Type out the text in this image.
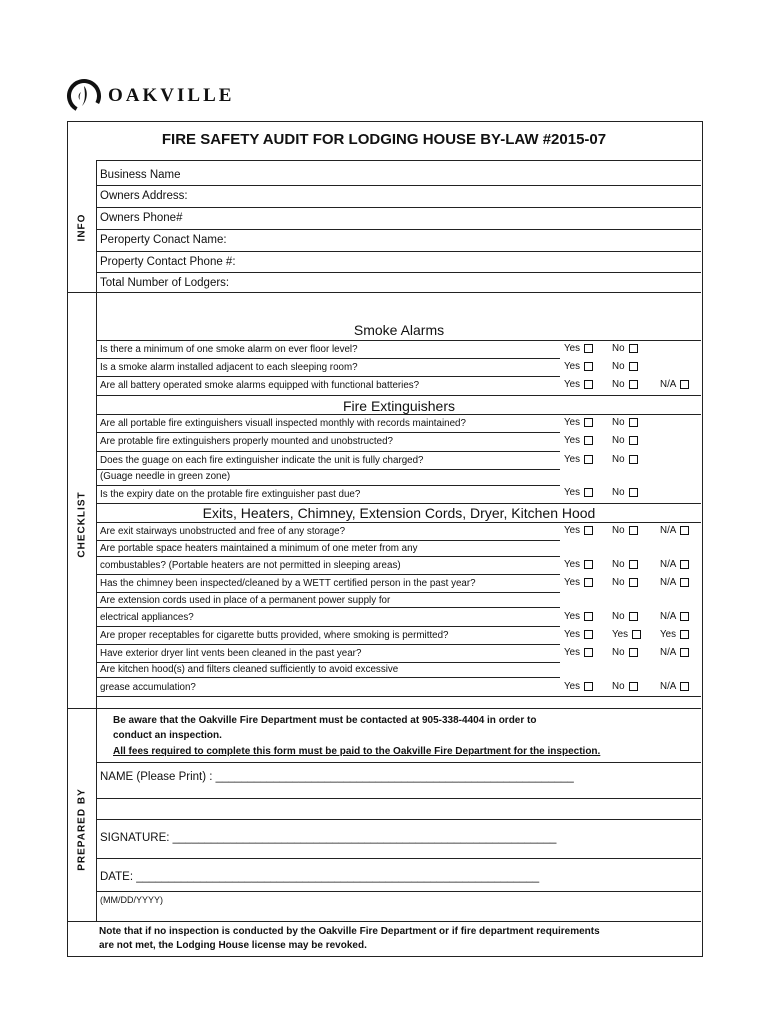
OAKVILLE
FIRE SAFETY AUDIT FOR LODGING HOUSE BY-LAW #2015-07
INFO
CHECKLIST
PREPARED BY
Business Name
Owners Address:
Owners Phone#
Peroperty Conact Name:
Property Contact Phone #:
Total Number of Lodgers:
Smoke Alarms
Is there a minimum of one smoke alarm on ever floor level?	Yes	No
Is a smoke alarm installed adjacent to each sleeping room?	Yes	No
Are all battery operated smoke alarms equipped with functional batteries?	Yes	No	N/A
Fire Extinguishers
Are all portable fire extinguishers visuall inspected monthly with records maintained?	Yes	No
Are protable fire extinguishers properly mounted and unobstructed?	Yes	No
Does the guage on each fire extinguisher indicate the unit is fully charged?	Yes	No
(Guage needle in green zone)
Is the expiry date on the protable fire extinguisher past due?	Yes	No
Exits, Heaters, Chimney, Extension Cords, Dryer, Kitchen Hood
Are exit stairways unobstructed and free of any storage?	Yes	No	N/A
Are portable space heaters maintained a minimum of one meter from any
combustables? (Portable heaters are not permitted in sleeping areas)	Yes	No	N/A
Has the chimney been inspected/cleaned by a WETT certified person in the past year?	Yes	No	N/A
Are extension cords used in place of a permanent power supply for
electrical appliances?	Yes	No	N/A
Are proper receptables for cigarette butts provided, where smoking is permitted?	Yes	Yes	Yes
Have exterior dryer lint vents been cleaned in the past year?	Yes	No	N/A
Are kitchen hood(s) and filters cleaned sufficiently to avoid excessive
grease accumulation?	Yes	No	N/A
Be aware that the Oakville Fire Department must be contacted at 905-338-4404 in order to
conduct an inspection.
All fees required to complete this form must be paid to the Oakville Fire Department for the inspection.
NAME (Please Print) : ________________________________________________________
SIGNATURE: ____________________________________________________________
DATE: _______________________________________________________________
(MM/DD/YYYY)
Note that if no inspection is conducted by the Oakville Fire Department or if fire department requirements
are not met, the Lodging House license may be revoked.
